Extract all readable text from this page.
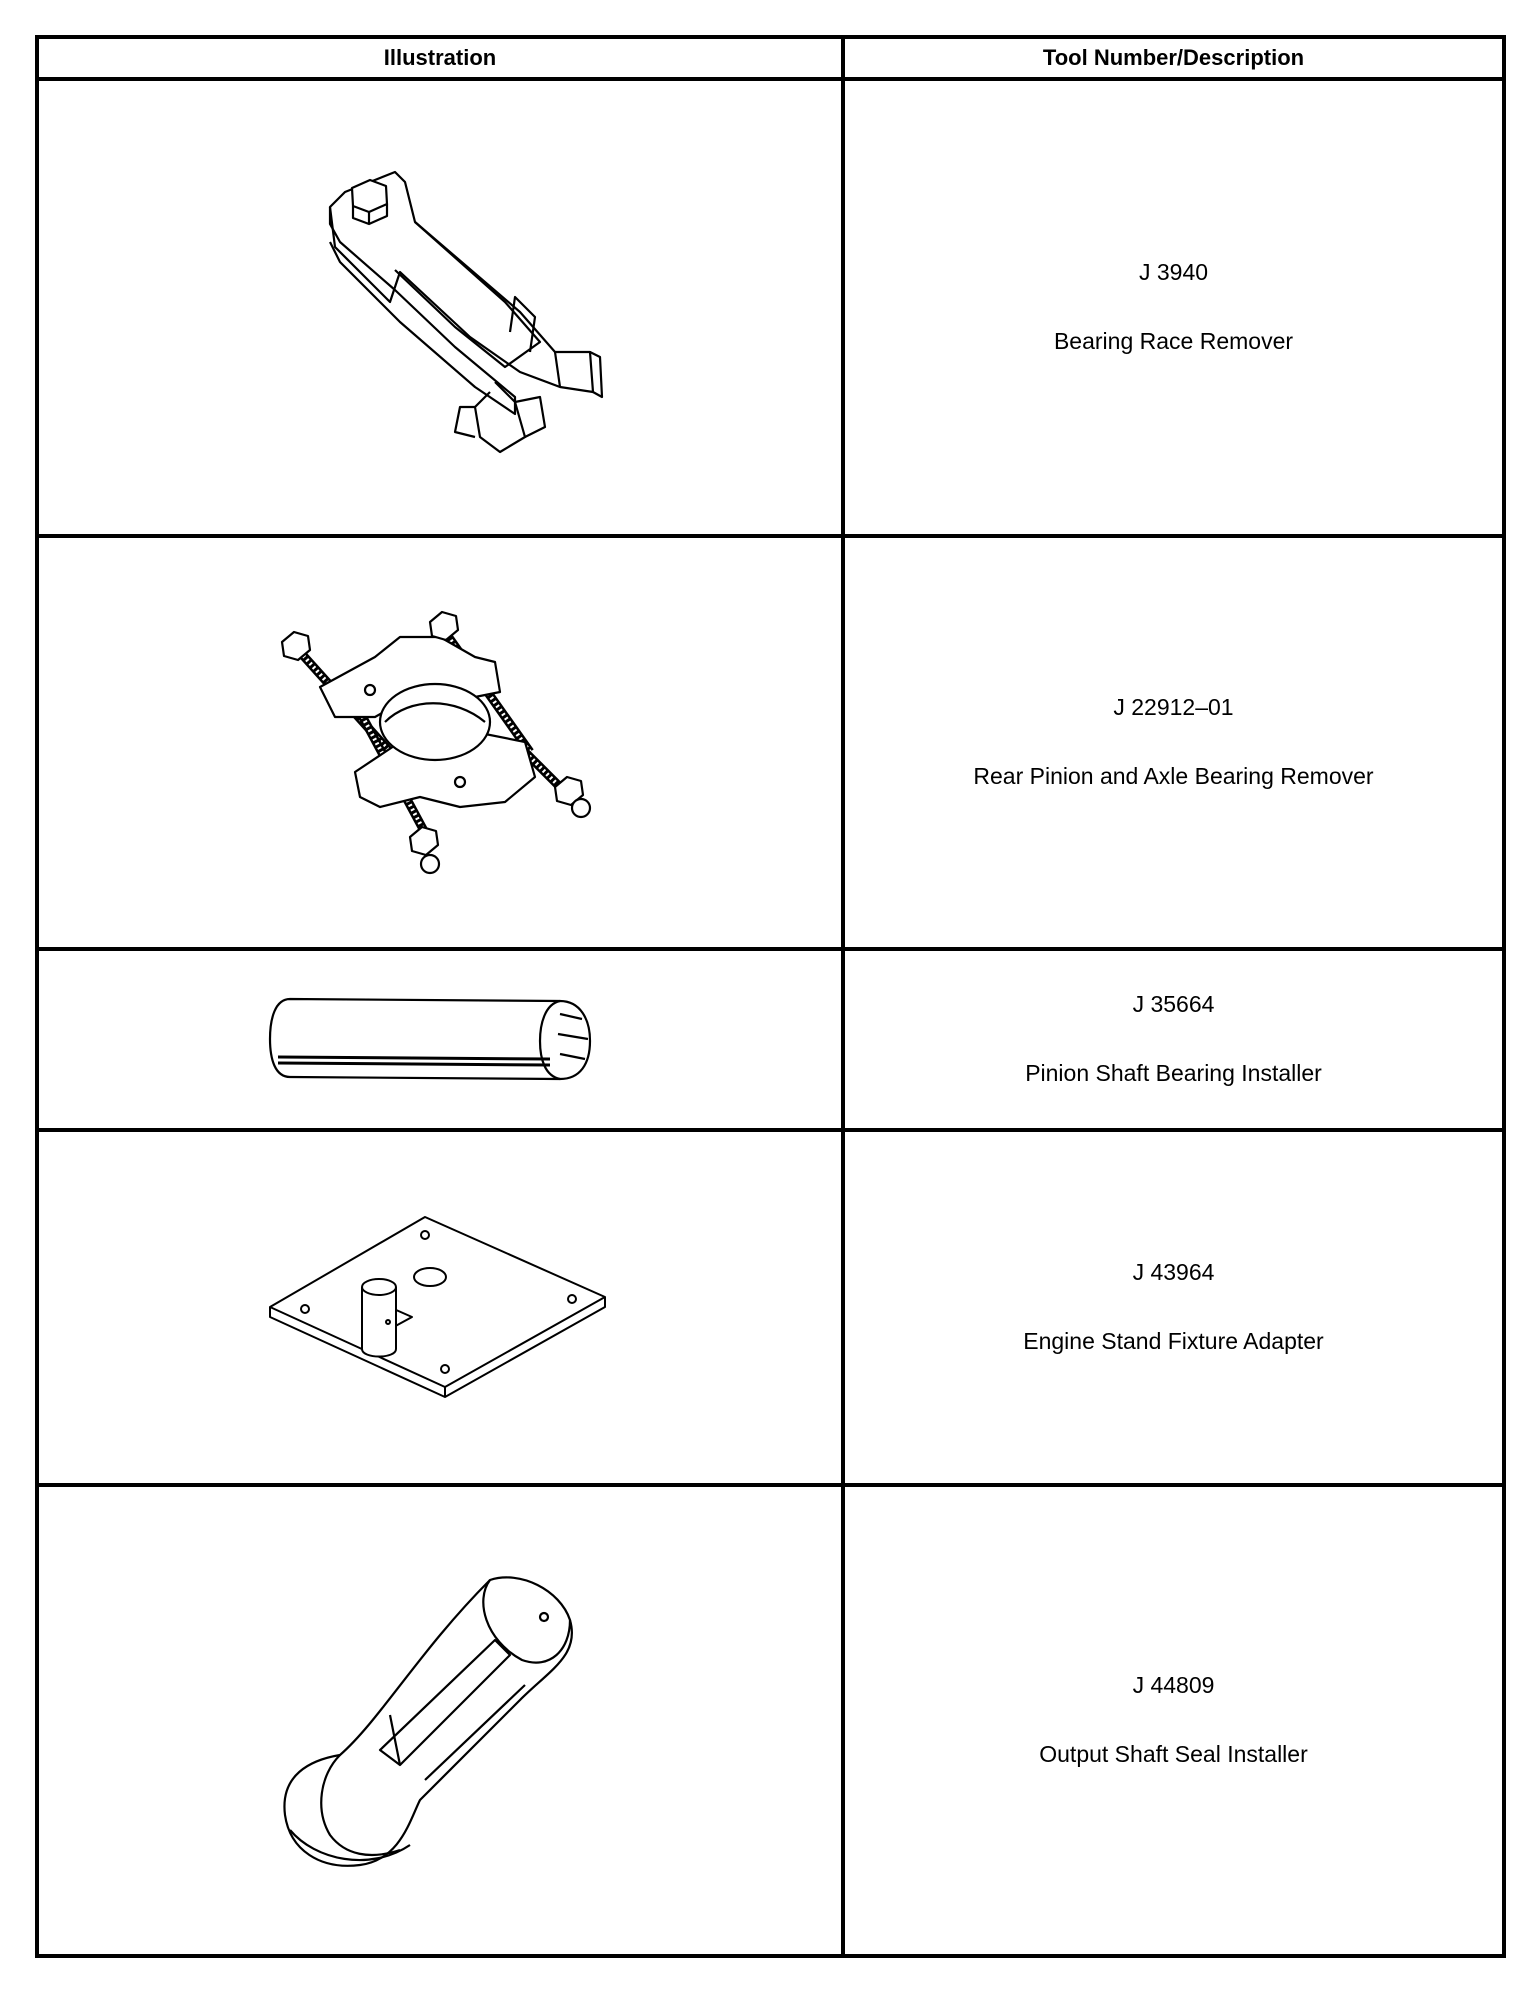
Illustration	Tool Number/Description

J 3940
Bearing Race Remover

J 22912–01
Rear Pinion and Axle Bearing Remover

J 35664
Pinion Shaft Bearing Installer

J 43964
Engine Stand Fixture Adapter

J 44809
Output Shaft Seal Installer
